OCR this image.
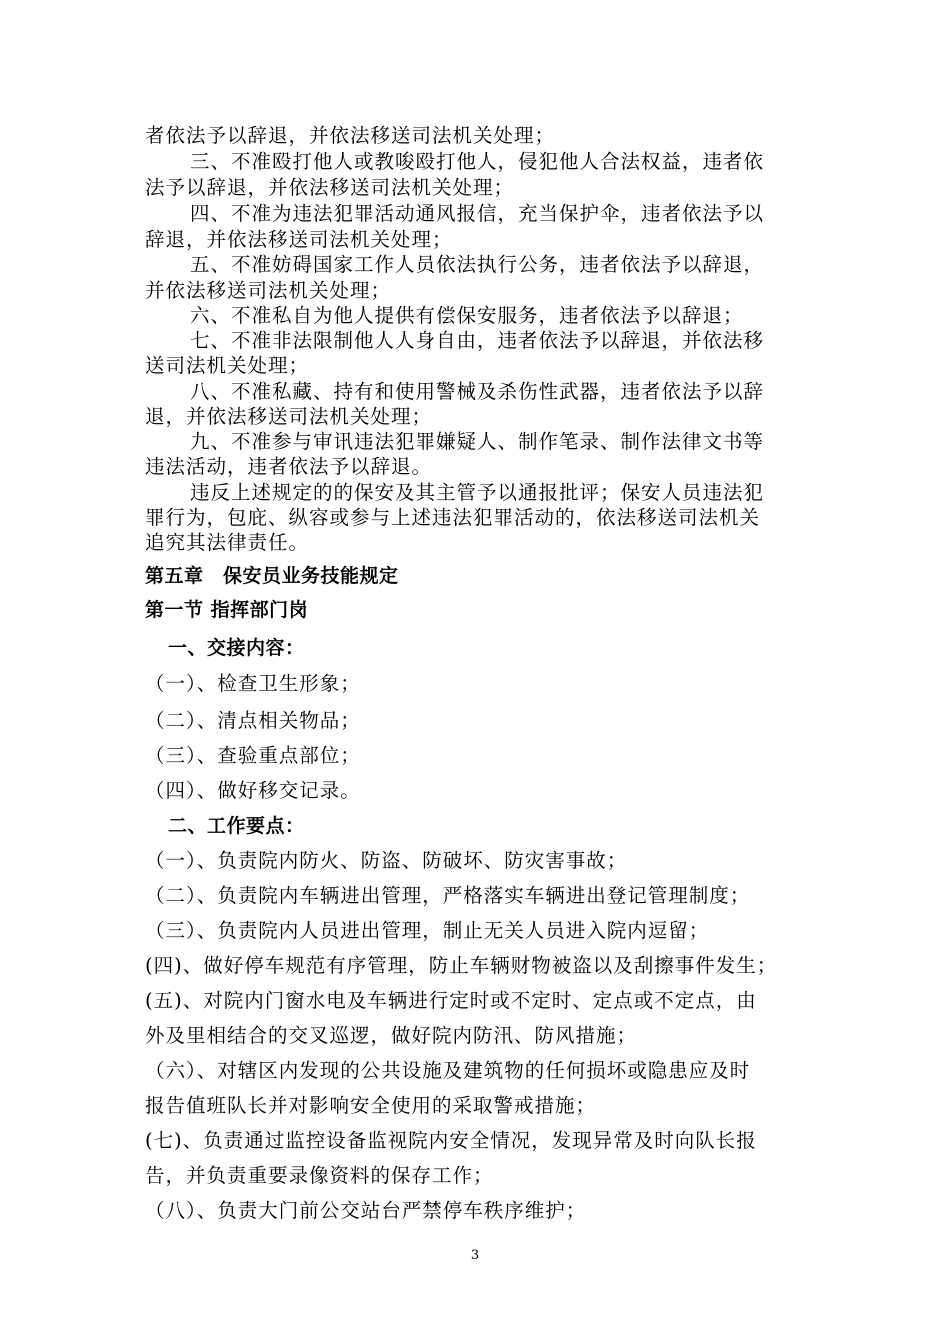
者依法予以辞退，并依法移送司法机关处理；
三、不准殴打他人或教唆殴打他人，侵犯他人合法权益，违者依
法予以辞退，并依法移送司法机关处理；
四、不准为违法犯罪活动通风报信，充当保护伞，违者依法予以
辞退，并依法移送司法机关处理；
五、不准妨碍国家工作人员依法执行公务，违者依法予以辞退，
并依法移送司法机关处理；
六、不准私自为他人提供有偿保安服务，违者依法予以辞退；
七、不准非法限制他人人身自由，违者依法予以辞退，并依法移
送司法机关处理；
八、不准私藏、持有和使用警械及杀伤性武器，违者依法予以辞
退，并依法移送司法机关处理；
九、不准参与审讯违法犯罪嫌疑人、制作笔录、制作法律文书等
违法活动，违者依法予以辞退。
违反上述规定的的保安及其主管予以通报批评；保安人员违法犯
罪行为，包庇、纵容或参与上述违法犯罪活动的，依法移送司法机关
追究其法律责任。
第五章　保安员业务技能规定
第一节 指挥部门岗
一、交接内容：
（一）、检查卫生形象；
（二）、清点相关物品；
（三）、查验重点部位；
（四）、做好移交记录。
二、工作要点：
（一）、负责院内防火、防盗、防破坏、防灾害事故；
（二）、负责院内车辆进出管理，严格落实车辆进出登记管理制度；
（三）、负责院内人员进出管理，制止无关人员进入院内逗留；
(四)、做好停车规范有序管理，防止车辆财物被盗以及刮擦事件发生；
(五)、对院内门窗水电及车辆进行定时或不定时、定点或不定点，由
外及里相结合的交叉巡逻，做好院内防汛、防风措施；
（六）、对辖区内发现的公共设施及建筑物的任何损坏或隐患应及时
报告值班队长并对影响安全使用的采取警戒措施；
(七)、负责通过监控设备监视院内安全情况，发现异常及时向队长报
告，并负责重要录像资料的保存工作；
（八）、负责大门前公交站台严禁停车秩序维护；
3
